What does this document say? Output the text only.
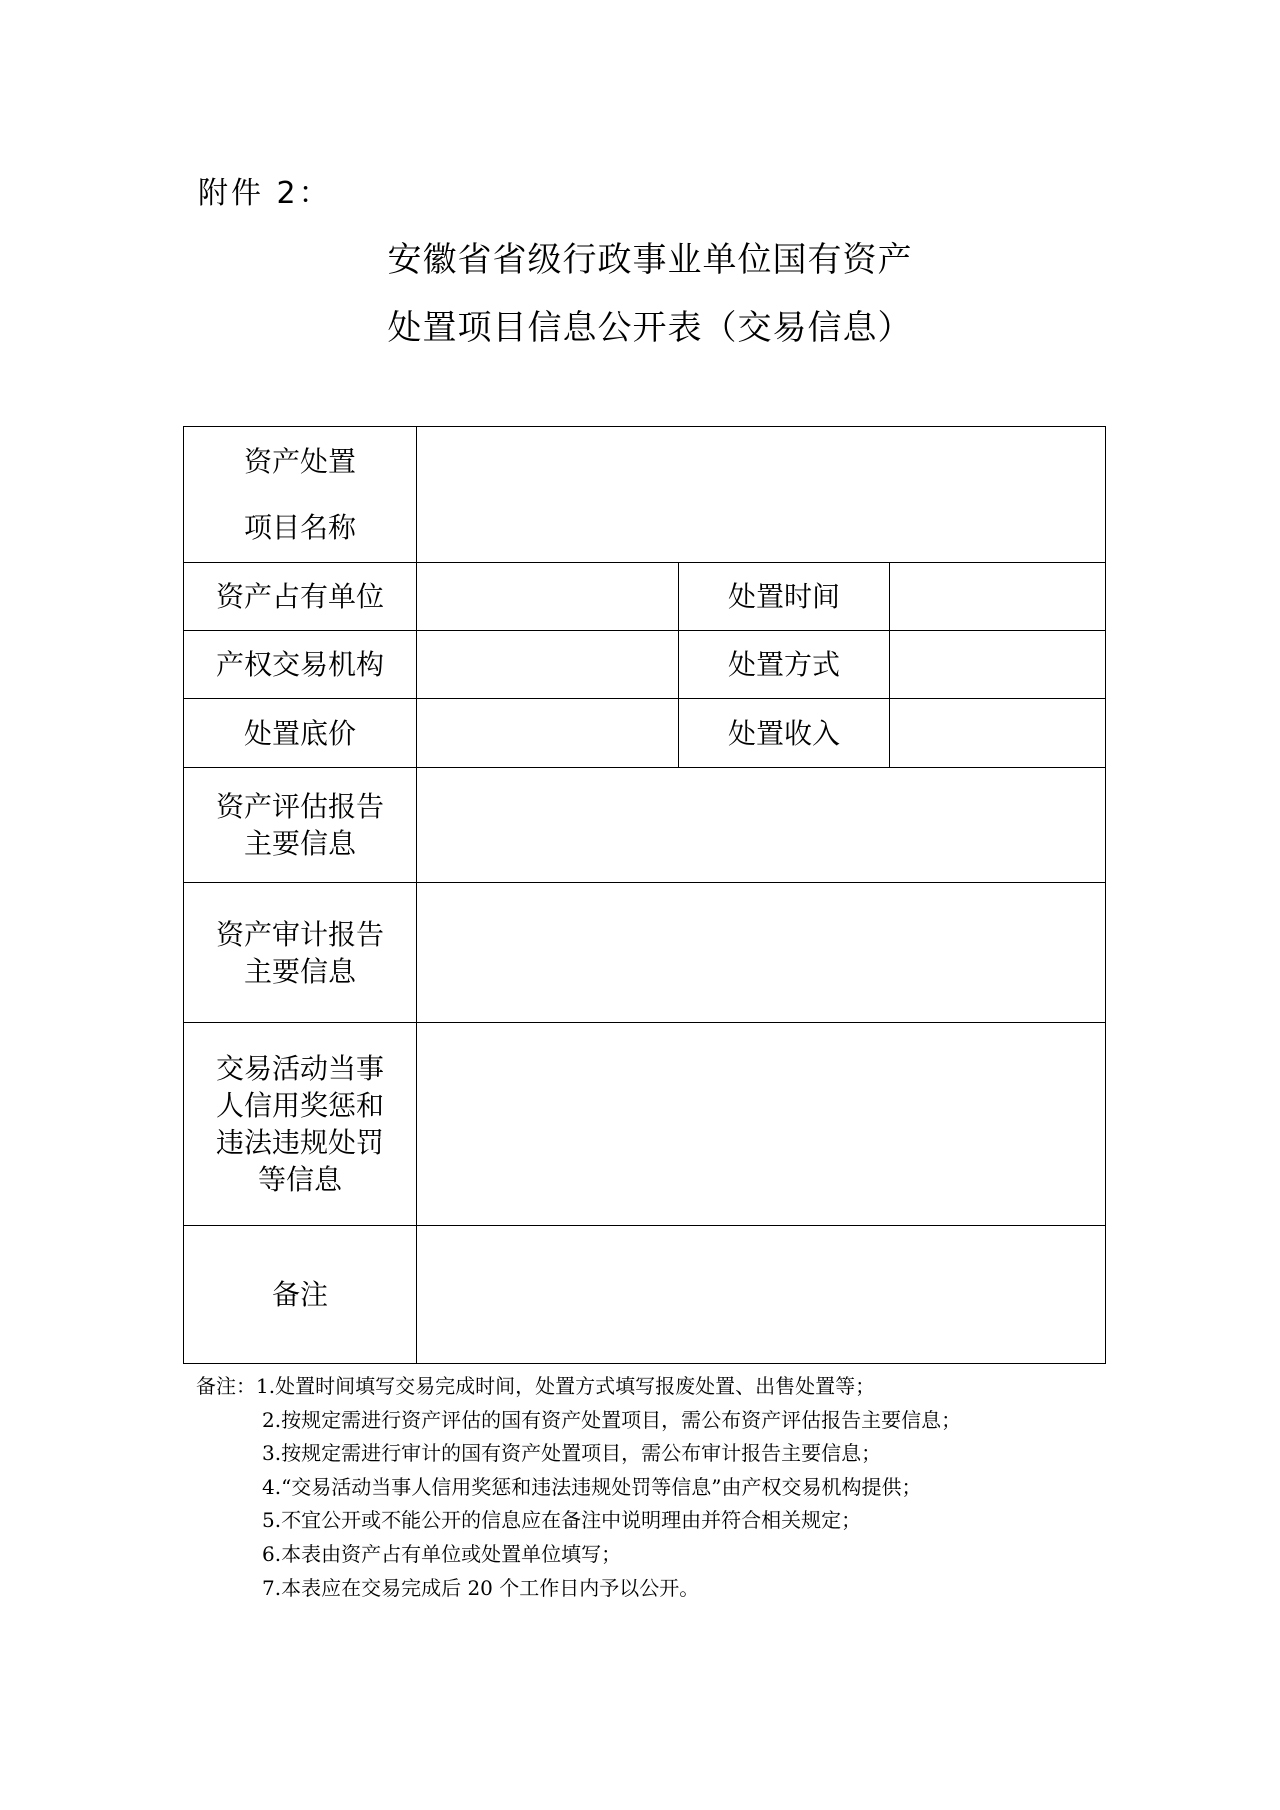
附件 2：
安徽省省级行政事业单位国有资产
处置项目信息公开表（交易信息）
资产处置
项目名称			

资产占有单位		处置时间	
产权交易机构		处置方式	
处置底价		处置收入	

资产评估报告
主要信息			

资产审计报告
主要信息			

交易活动当事
人信用奖惩和
违法违规处罚
等信息			

备注			
备注：1.处置时间填写交易完成时间，处置方式填写报废处置、出售处置等；
2.按规定需进行资产评估的国有资产处置项目，需公布资产评估报告主要信息；
3.按规定需进行审计的国有资产处置项目，需公布审计报告主要信息；
4.“交易活动当事人信用奖惩和违法违规处罚等信息”由产权交易机构提供；
5.不宜公开或不能公开的信息应在备注中说明理由并符合相关规定；
6.本表由资产占有单位或处置单位填写；
7.本表应在交易完成后 20 个工作日内予以公开。
